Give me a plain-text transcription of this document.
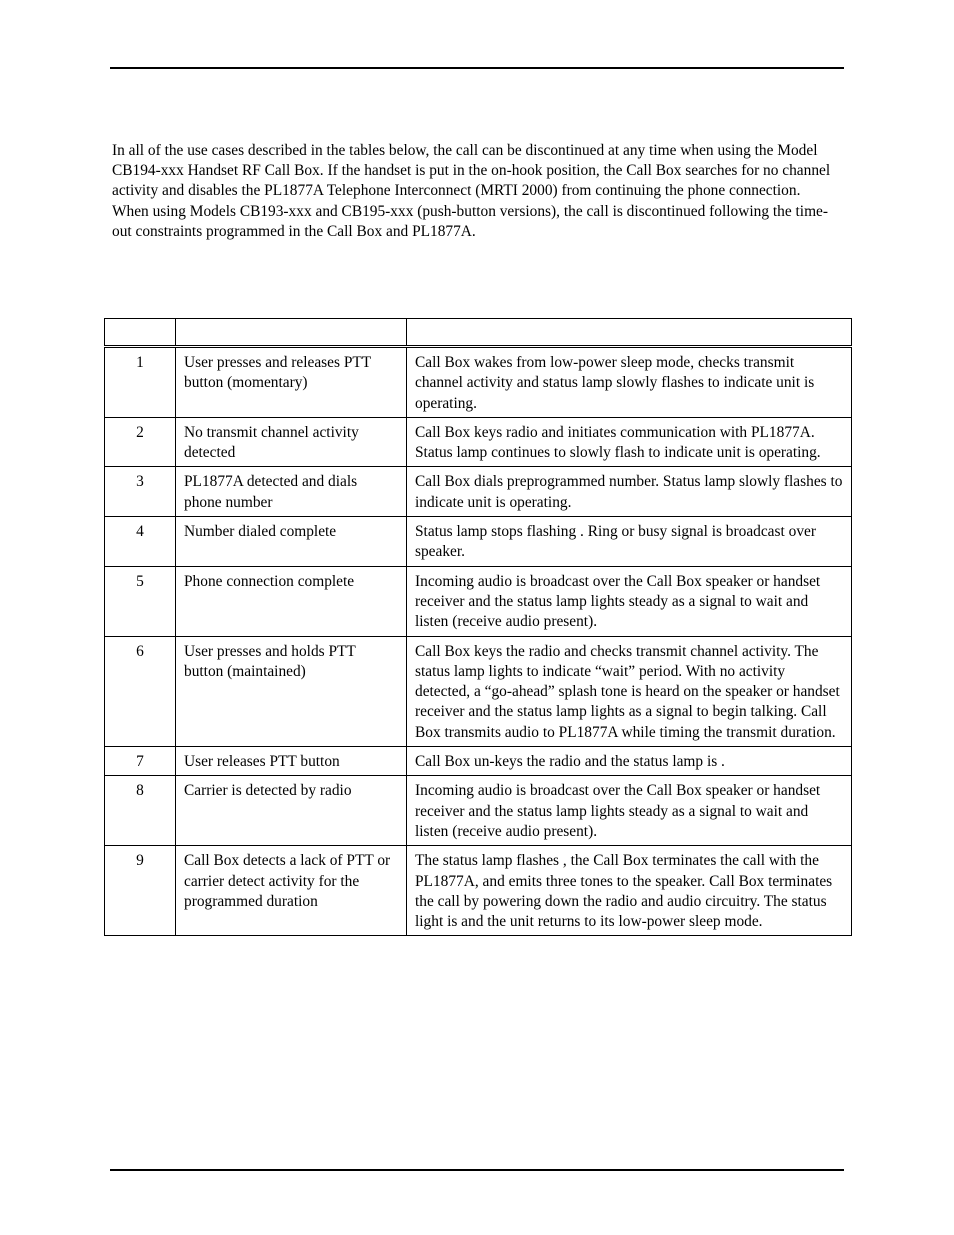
In all of the use cases described in the tables below, the call can be discontinued at any time when using the Model CB194-xxx Handset RF Call Box. If the handset is put in the on-hook position, the Call Box searches for no channel activity and disables the PL1877A Telephone Interconnect (MRTI 2000) from continuing the phone connection. When using Models CB193-xxx and CB195-xxx (push-button versions), the call is discontinued following the time-out constraints programmed in the Call Box and PL1877A.

1	User presses and releases PTT button (momentary)	Call Box wakes from low-power sleep mode, checks transmit channel activity and status lamp slowly flashes to indicate unit is operating.
2	No transmit channel activity detected	Call Box keys radio and initiates communication with PL1877A. Status lamp continues to slowly flash to indicate unit is operating.
3	PL1877A detected and dials phone number	Call Box dials preprogrammed number. Status lamp slowly flashes to indicate unit is operating.
4	Number dialed complete	Status lamp stops flashing . Ring or busy signal is broadcast over speaker.
5	Phone connection complete	Incoming audio is broadcast over the Call Box speaker or handset receiver and the status lamp lights steady as a signal to wait and listen (receive audio present).
6	User presses and holds PTT button (maintained)	Call Box keys the radio and checks transmit channel activity. The status lamp lights to indicate “wait” period. With no activity detected, a “go-ahead” splash tone is heard on the speaker or handset receiver and the status lamp lights as a signal to begin talking. Call Box transmits audio to PL1877A while timing the transmit duration.
7	User releases PTT button	Call Box un-keys the radio and the status lamp is .
8	Carrier is detected by radio	Incoming audio is broadcast over the Call Box speaker or handset receiver and the status lamp lights steady as a signal to wait and listen (receive audio present).
9	Call Box detects a lack of PTT or carrier detect activity for the programmed duration	The status lamp flashes , the Call Box terminates the call with the PL1877A, and emits three tones to the speaker. Call Box terminates the call by powering down the radio and audio circuitry. The status light is and the unit returns to its low-power sleep mode.
